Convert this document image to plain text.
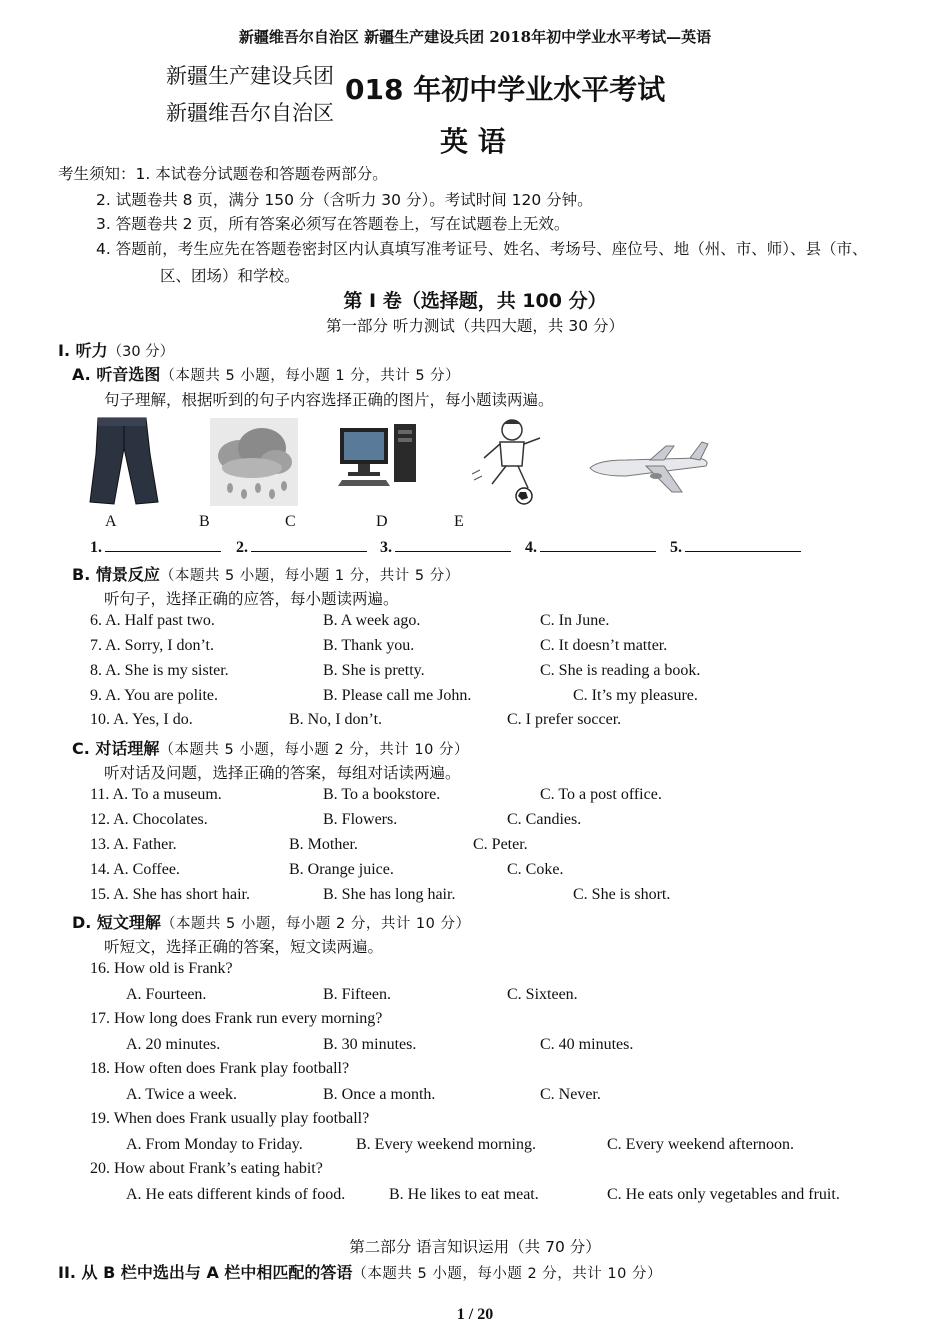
新疆维吾尔自治区 新疆生产建设兵团 2018年初中学业水平考试—英语
新疆生产建设兵团
新疆维吾尔自治区
018 年初中学业水平考试
英 语
考生须知：1. 本试卷分试题卷和答题卷两部分。
2. 试题卷共 8 页，满分 150 分（含听力 30 分）。考试时间 120 分钟。
3. 答题卷共 2 页，所有答案必须写在答题卷上，写在试题卷上无效。
4. 答题前，考生应先在答题卷密封区内认真填写准考证号、姓名、考场号、座位号、地（州、市、师）、县（市、
区、团场）和学校。
第 Ⅰ 卷（选择题，共 100 分）
第一部分 听力测试（共四大题，共 30 分）
I. 听力（30 分）
A. 听音选图（本题共 5 小题，每小题 1 分，共计 5 分）
句子理解，根据听到的句子内容选择正确的图片，每小题读两遍。
A	B	C	D	E
1.	2.	3.	4.	5.
B. 情景反应（本题共 5 小题，每小题 1 分，共计 5 分）
听句子，选择正确的应答，每小题读两遍。
6. A. Half past two.	B. A week ago.	C. In June.
7. A. Sorry, I don’t.	B. Thank you.	C. It doesn’t matter.
8. A. She is my sister.	B. She is pretty.	C. She is reading a book.
9. A. You are polite.	B. Please call me John.	C. It’s my pleasure.
10. A. Yes, I do.	B. No, I don’t.	C. I prefer soccer.
C. 对话理解（本题共 5 小题，每小题 2 分，共计 10 分）
听对话及问题，选择正确的答案，每组对话读两遍。
11. A. To a museum.	B. To a bookstore.	C. To a post office.
12. A. Chocolates.	B. Flowers.	C. Candies.
13. A. Father.	B. Mother.	C. Peter.
14. A. Coffee.	B. Orange juice.	C. Coke.
15. A. She has short hair.	B. She has long hair.	C. She is short.
D. 短文理解（本题共 5 小题，每小题 2 分，共计 10 分）
听短文，选择正确的答案，短文读两遍。
16. How old is Frank?
A. Fourteen.	B. Fifteen.	C. Sixteen.
17. How long does Frank run every morning?
A. 20 minutes.	B. 30 minutes.	C. 40 minutes.
18. How often does Frank play football?
A. Twice a week.	B. Once a month.	C. Never.
19. When does Frank usually play football?
A. From Monday to Friday.	B. Every weekend morning.	C. Every weekend afternoon.
20. How about Frank’s eating habit?
A. He eats different kinds of food.	B. He likes to eat meat.	C. He eats only vegetables and fruit.
第二部分 语言知识运用（共 70 分）
II. 从 B 栏中选出与 A 栏中相匹配的答语（本题共 5 小题，每小题 2 分，共计 10 分）
1 / 20
